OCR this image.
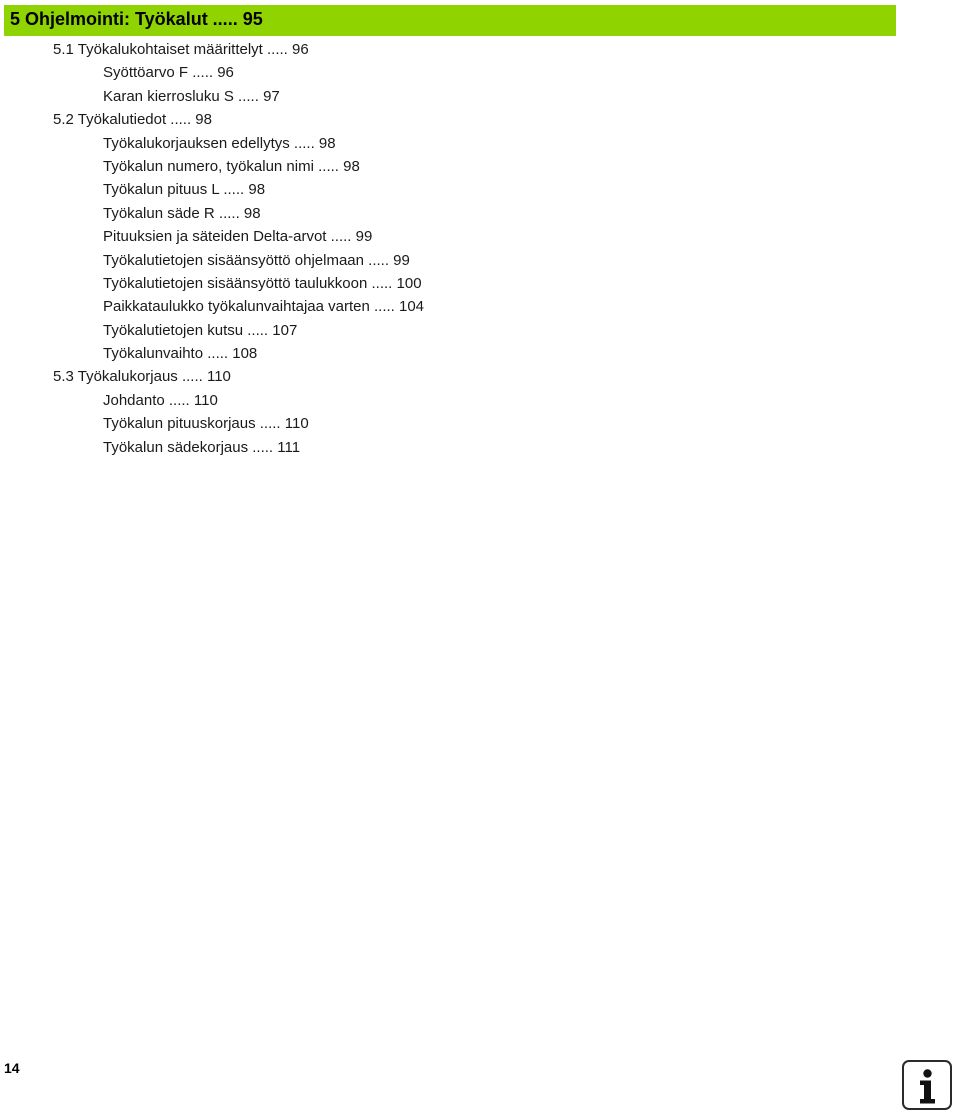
5 Ohjelmointi: Työkalut ..... 95
5.1 Työkalukohtaiset määrittelyt ..... 96
Syöttöarvo F ..... 96
Karan kierrosluku S ..... 97
5.2 Työkalutiedot ..... 98
Työkalukorjauksen edellytys ..... 98
Työkalun numero, työkalun nimi ..... 98
Työkalun pituus L ..... 98
Työkalun säde R ..... 98
Pituuksien ja säteiden Delta-arvot ..... 99
Työkalutietojen sisäänsyöttö ohjelmaan ..... 99
Työkalutietojen sisäänsyöttö taulukkoon ..... 100
Paikkataulukko työkalunvaihtajaa varten ..... 104
Työkalutietojen kutsu ..... 107
Työkalunvaihto ..... 108
5.3 Työkalukorjaus ..... 110
Johdanto ..... 110
Työkalun pituuskorjaus ..... 110
Työkalun sädekorjaus ..... 111
14
